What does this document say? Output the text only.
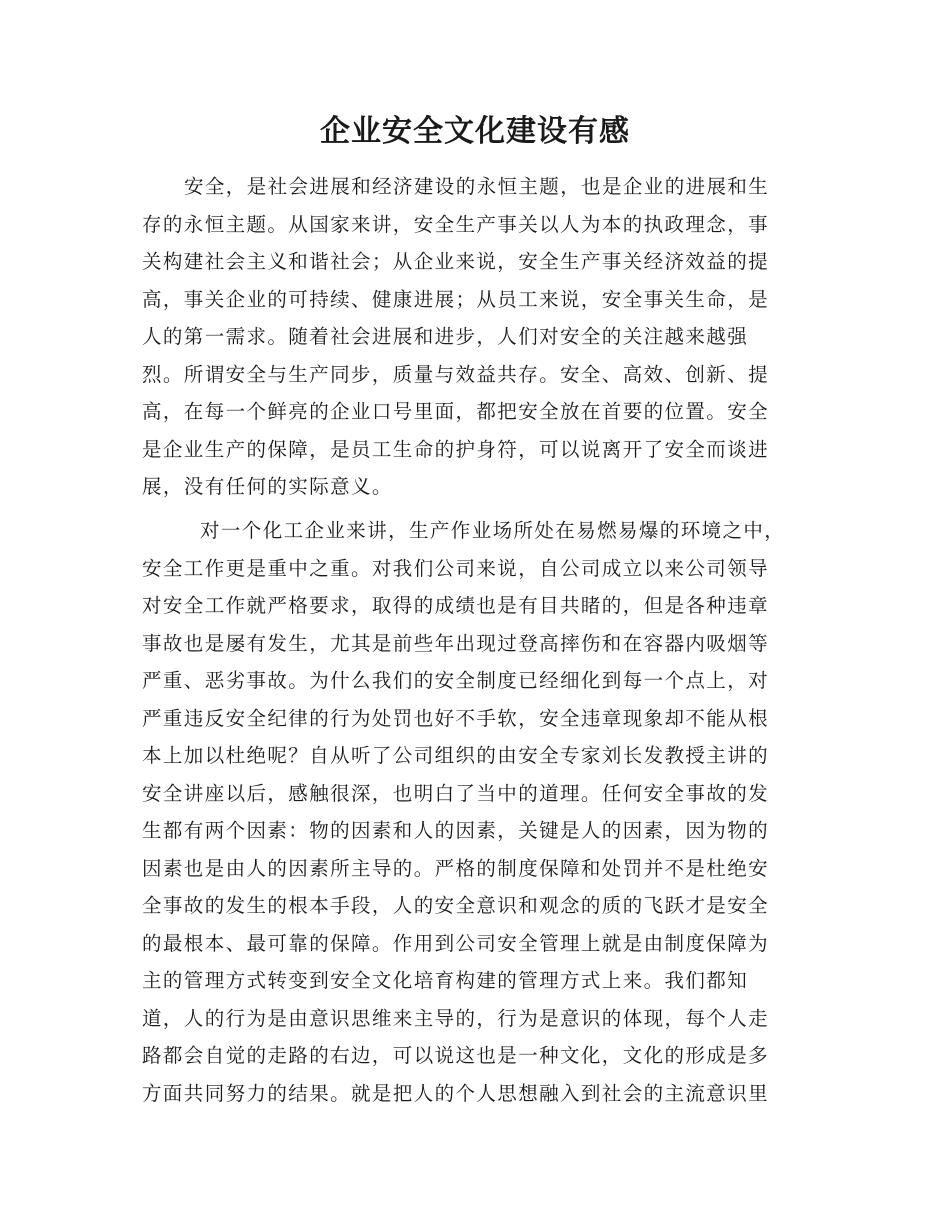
企业安全文化建设有感
安全，是社会进展和经济建设的永恒主题，也是企业的进展和生
存的永恒主题。从国家来讲，安全生产事关以人为本的执政理念，事
关构建社会主义和谐社会；从企业来说，安全生产事关经济效益的提
高，事关企业的可持续、健康进展；从员工来说，安全事关生命，是
人的第一需求。随着社会进展和进步，人们对安全的关注越来越强
烈。所谓安全与生产同步，质量与效益共存。安全、高效、创新、提
高，在每一个鲜亮的企业口号里面，都把安全放在首要的位置。安全
是企业生产的保障，是员工生命的护身符，可以说离开了安全而谈进
展，没有任何的实际意义。
对一个化工企业来讲，生产作业场所处在易燃易爆的环境之中，
安全工作更是重中之重。对我们公司来说，自公司成立以来公司领导
对安全工作就严格要求，取得的成绩也是有目共睹的，但是各种违章
事故也是屡有发生，尤其是前些年出现过登高摔伤和在容器内吸烟等
严重、恶劣事故。为什么我们的安全制度已经细化到每一个点上，对
严重违反安全纪律的行为处罚也好不手软，安全违章现象却不能从根
本上加以杜绝呢？自从听了公司组织的由安全专家刘长发教授主讲的
安全讲座以后，感触很深，也明白了当中的道理。任何安全事故的发
生都有两个因素：物的因素和人的因素，关键是人的因素，因为物的
因素也是由人的因素所主导的。严格的制度保障和处罚并不是杜绝安
全事故的发生的根本手段，人的安全意识和观念的质的飞跃才是安全
的最根本、最可靠的保障。作用到公司安全管理上就是由制度保障为
主的管理方式转变到安全文化培育构建的管理方式上来。我们都知
道，人的行为是由意识思维来主导的，行为是意识的体现，每个人走
路都会自觉的走路的右边，可以说这也是一种文化，文化的形成是多
方面共同努力的结果。就是把人的个人思想融入到社会的主流意识里
